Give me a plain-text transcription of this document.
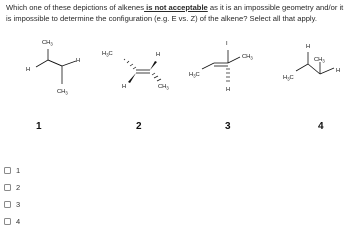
Which one of these depictions of alkenes is not acceptable as it is an impossible geometry and/or it is impossible to determine the configuration (e.g. E vs. Z) of the alkene? Select all that apply.
$CH_3$
H
H
$CH_3$
1
$H_3C$	H
H	$CH_3$
2
I
$H_3C$
$CH_3$
H
3
H
$H_3C$
$CH_3$
H
4
1
2
3
4
